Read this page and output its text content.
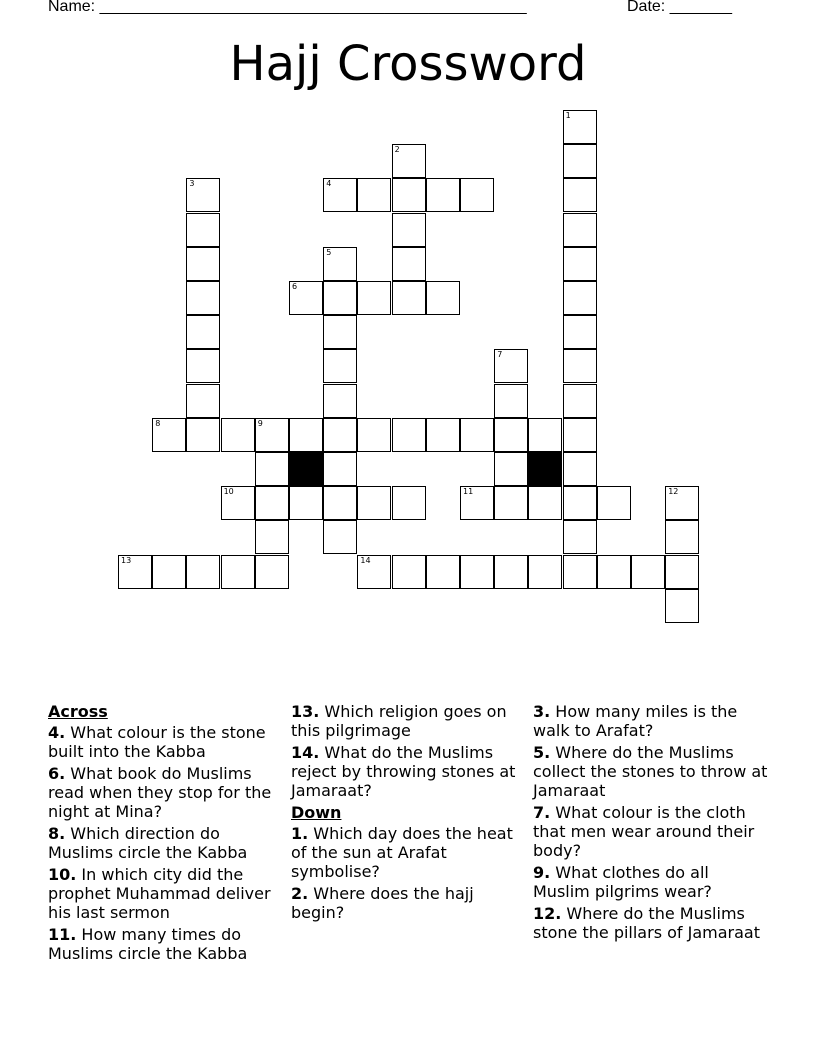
Name: ________________________________________________	Date: _______
Hajj Crossword
1
2
3	4
5
6
7
8	9
10	11	12
13	14
Across
4. What colour is the stone built into the Kabba
6. What book do Muslims read when they stop for the night at Mina?
8. Which direction do Muslims circle the Kabba
10. In which city did the prophet Muhammad deliver his last sermon
11. How many times do Muslims circle the Kabba
13. Which religion goes on this pilgrimage
14. What do the Muslims reject by throwing stones at Jamaraat?
Down
1. Which day does the heat of the sun at Arafat symbolise?
2. Where does the hajj begin?
3. How many miles is the walk to Arafat?
5. Where do the Muslims collect the stones to throw at Jamaraat
7. What colour is the cloth that men wear around their body?
9. What clothes do all Muslim pilgrims wear?
12. Where do the Muslims stone the pillars of Jamaraat
